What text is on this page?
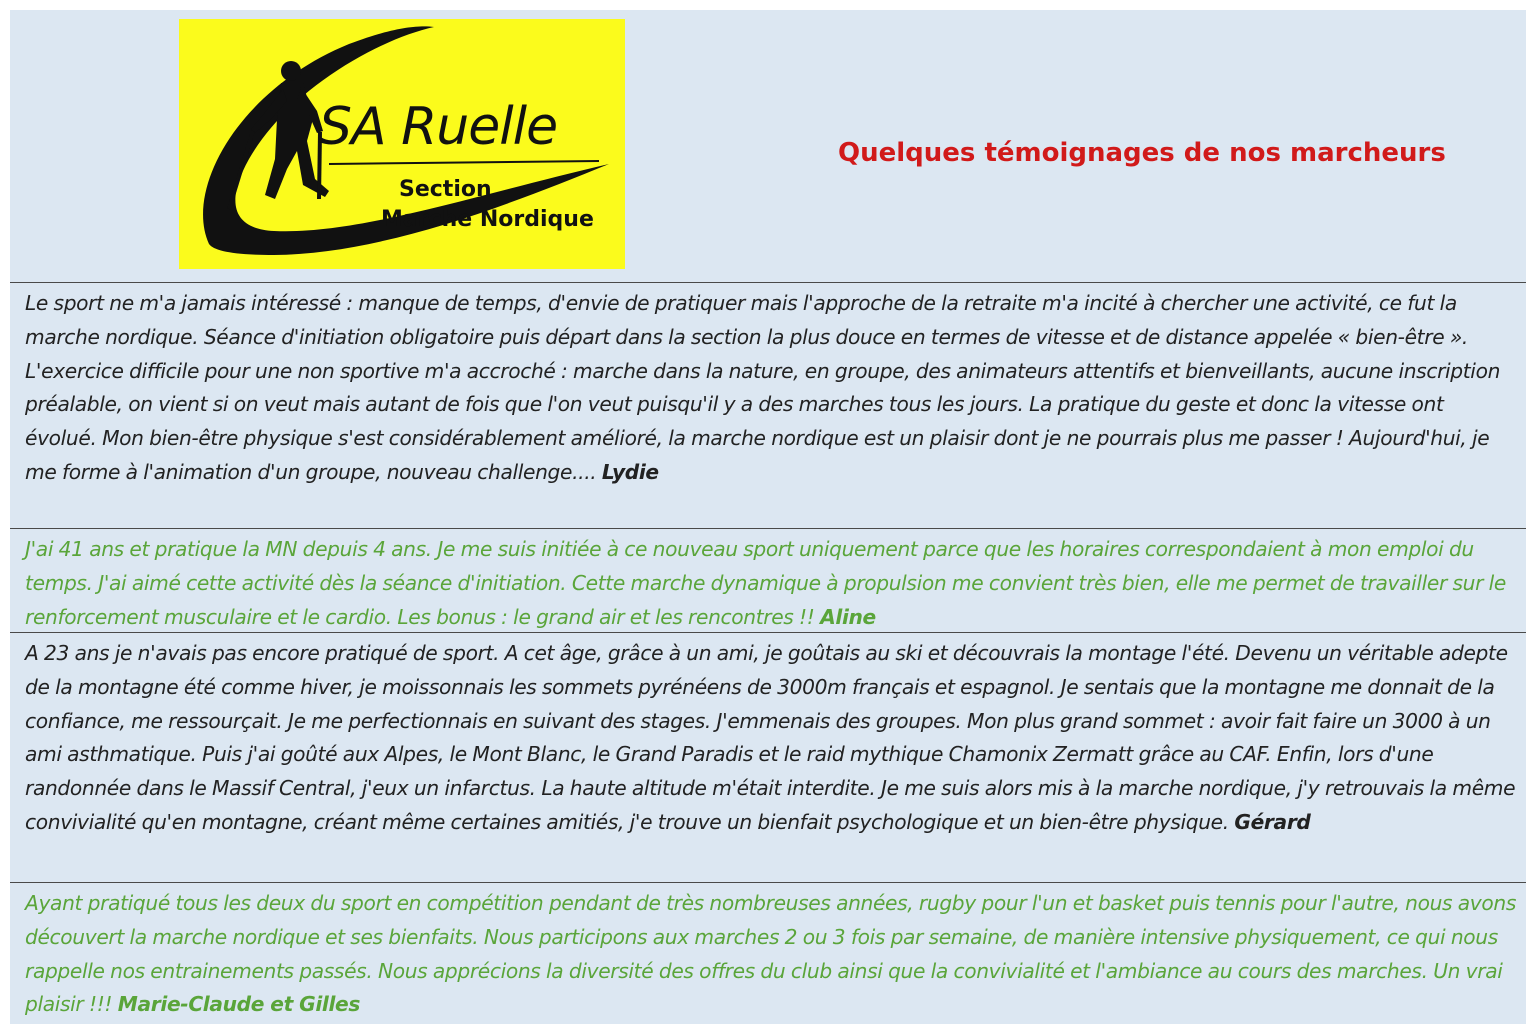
SA Ruelle
Section
Marche Nordique
Quelques témoignages de nos marcheurs
Le sport ne m'a jamais intéressé : manque de temps, d'envie de pratiquer mais l'approche de la retraite m'a incité à chercher une activité, ce fut la marche nordique. Séance d'initiation obligatoire puis départ dans la section la plus douce en termes de vitesse et de distance appelée « bien-être ». L'exercice difficile pour une non sportive m'a accroché : marche dans la nature, en groupe, des animateurs attentifs et bienveillants, aucune inscription préalable, on vient si on veut mais autant de fois que l'on veut puisqu'il y a des marches tous les jours. La pratique du geste et donc la vitesse ont évolué. Mon bien-être physique s'est considérablement amélioré, la marche nordique est un plaisir dont je ne pourrais plus me passer ! Aujourd'hui, je me forme à l'animation d'un groupe, nouveau challenge.... Lydie
J'ai 41 ans et pratique la MN depuis 4 ans. Je me suis initiée à ce nouveau sport uniquement parce que les horaires correspondaient à mon emploi du temps. J'ai aimé cette activité dès la séance d'initiation. Cette marche dynamique à propulsion me convient très bien, elle me permet de travailler sur le renforcement musculaire et le cardio. Les bonus : le grand air et les rencontres !! Aline
A 23 ans je n'avais pas encore pratiqué de sport. A cet âge, grâce à un ami, je goûtais au ski et découvrais la montage l'été. Devenu un véritable adepte de la montagne été comme hiver, je moissonnais les sommets pyrénéens de 3000m français et espagnol. Je sentais que la montagne me donnait de la confiance, me ressourçait. Je me perfectionnais en suivant des stages. J'emmenais des groupes. Mon plus grand sommet : avoir fait faire un 3000 à un ami asthmatique. Puis j'ai goûté aux Alpes, le Mont Blanc, le Grand Paradis et le raid mythique Chamonix Zermatt grâce au CAF. Enfin, lors d'une randonnée dans le Massif Central, j'eux un infarctus. La haute altitude m'était interdite. Je me suis alors mis à la marche nordique, j'y retrouvais la même convivialité qu'en montagne, créant même certaines amitiés, j'e trouve un bienfait psychologique et un bien-être physique. Gérard
Ayant pratiqué tous les deux du sport en compétition pendant de très nombreuses années, rugby pour l'un et basket puis tennis pour l'autre, nous avons découvert la marche nordique et ses bienfaits. Nous participons aux marches 2 ou 3 fois par semaine, de manière intensive physiquement, ce qui nous rappelle nos entrainements passés. Nous apprécions la diversité des offres du club ainsi que la convivialité et l'ambiance au cours des marches. Un vrai plaisir !!! Marie-Claude et Gilles
